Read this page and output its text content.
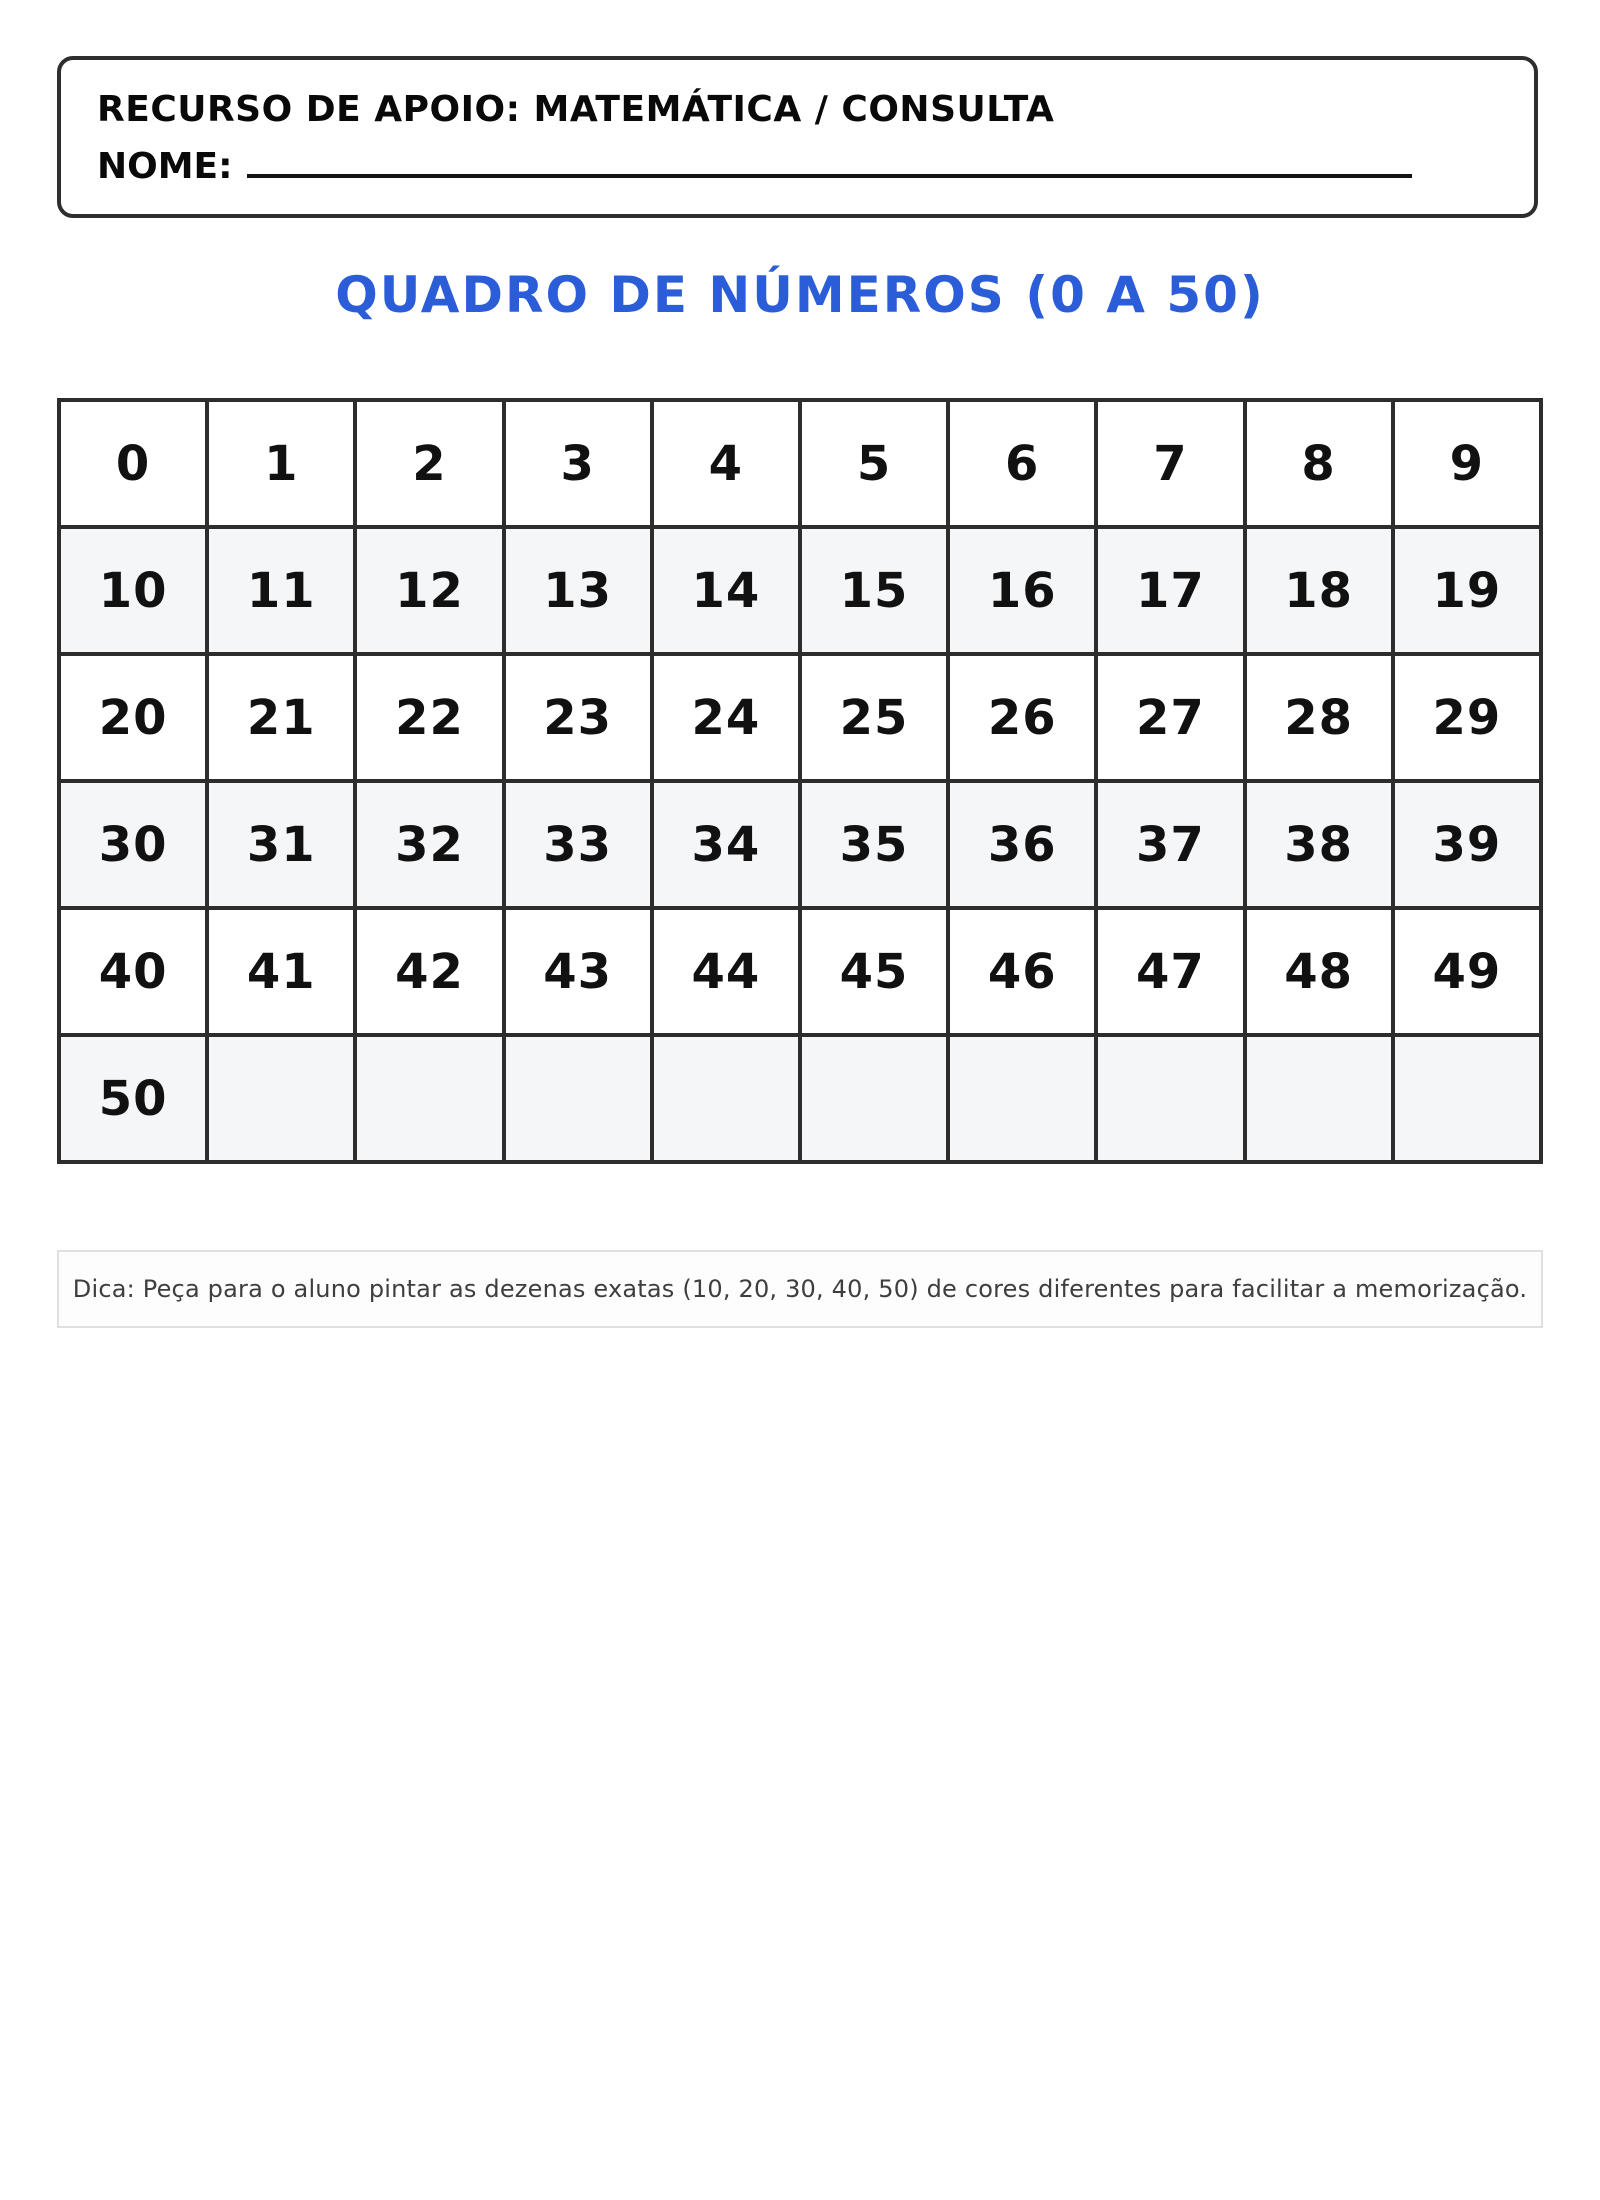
RECURSO DE APOIO: MATEMÁTICA / CONSULTA
NOME:
QUADRO DE NÚMEROS (0 A 50)
0	1	2	3	4	5	6	7	8	9
10	11	12	13	14	15	16	17	18	19
20	21	22	23	24	25	26	27	28	29
30	31	32	33	34	35	36	37	38	39
40	41	42	43	44	45	46	47	48	49
50									
Dica: Peça para o aluno pintar as dezenas exatas (10, 20, 30, 40, 50) de cores diferentes para facilitar a memorização.
